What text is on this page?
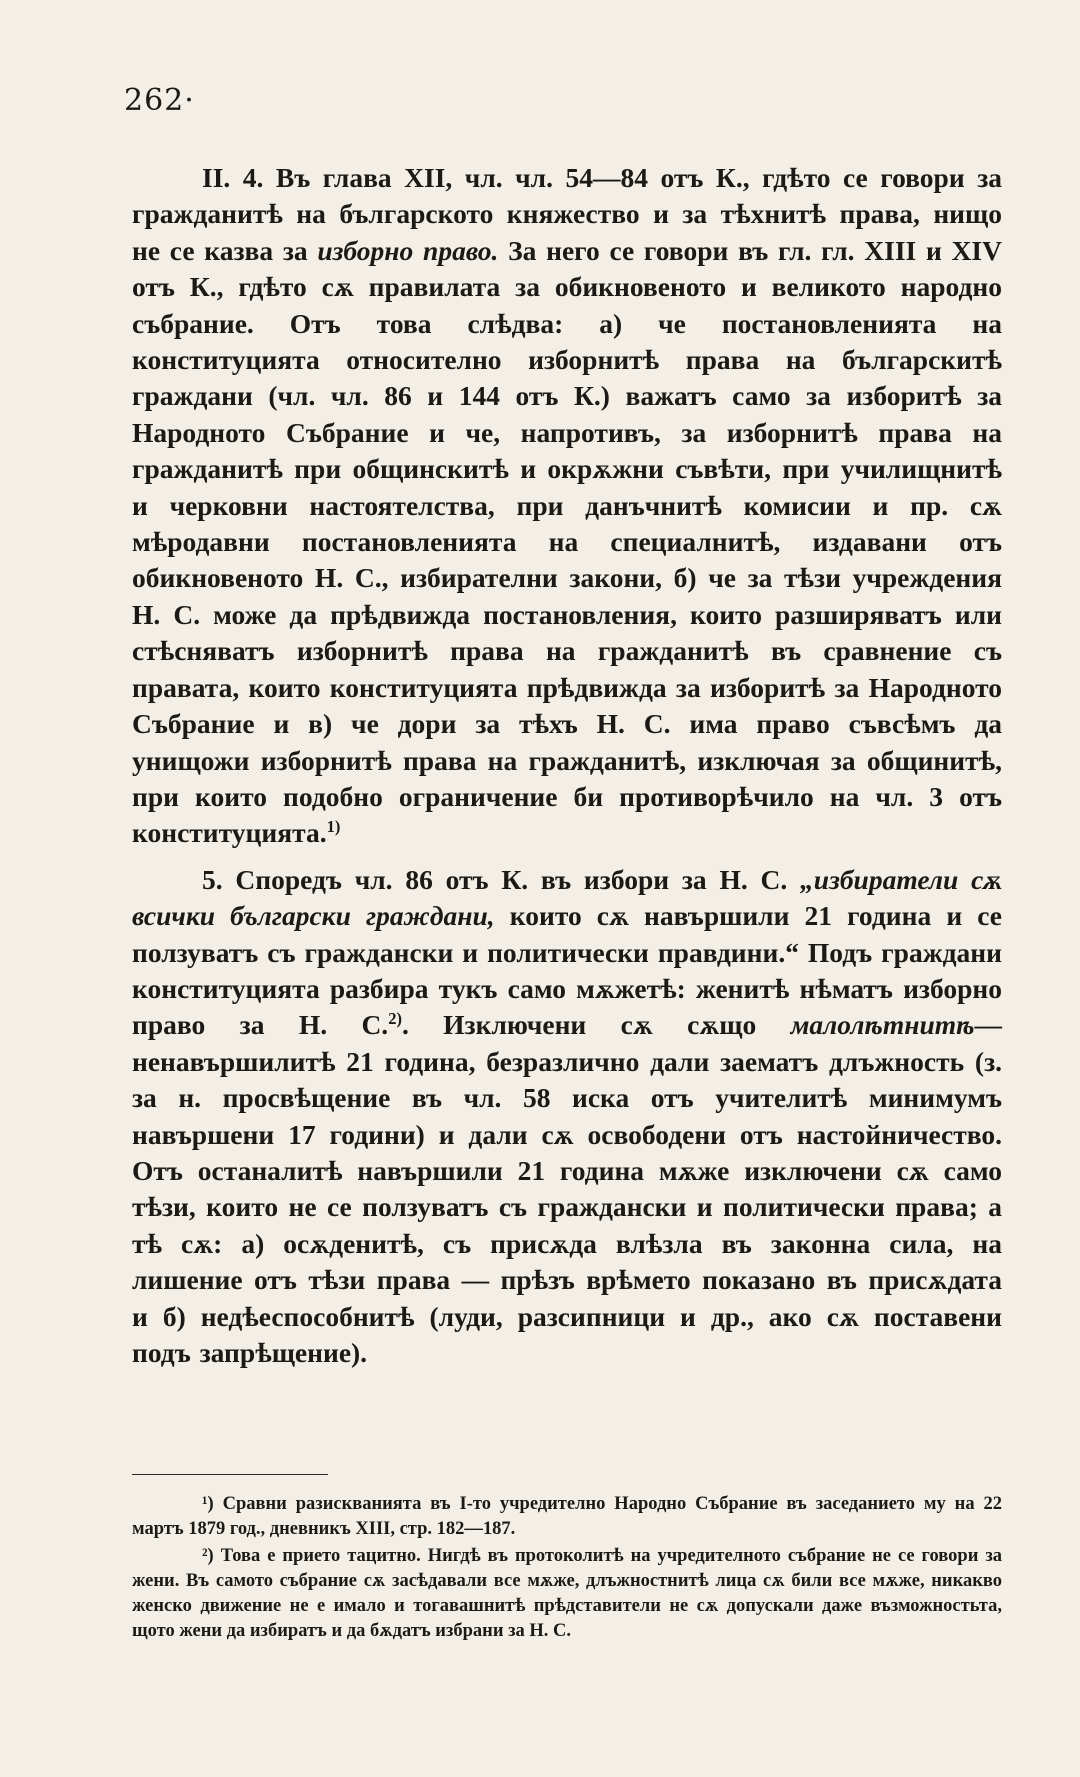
262·

II. 4. Въ глава XII, чл. чл. 54—84 отъ К., гдѣто се говори за гражданитѣ на българското княжество и за тѣхнитѣ права, нищо не се казва за изборно право. За него се говори въ гл. гл. XIII и XIV отъ К., гдѣто сѫ правилата за обикновеното и великото народно събрание. Отъ това слѣдва: а) че постановленията на конституцията относително изборнитѣ права на българскитѣ граждани (чл. чл. 86 и 144 отъ К.) важатъ само за изборитѣ за Народното Събрание и че, напротивъ, за изборнитѣ права на гражданитѣ при общинскитѣ и окрѫжни съвѣти, при училищнитѣ и черковни настоятелства, при данъчнитѣ комисии и пр. сѫ мѣродавни постановленията на специалнитѣ, издавани отъ обикновеното Н. С., избирателни закони, б) че за тѣзи учреждения Н. С. може да прѣдвижда постановления, които разширяватъ или стѣсняватъ изборнитѣ права на гражданитѣ въ сравнение съ правата, които конституцията прѣдвижда за изборитѣ за Народното Събрание и в) че дори за тѣхъ Н. С. има право съвсѣмъ да унищожи изборнитѣ права на гражданитѣ, изключая за общинитѣ, при които подобно ограничение би противорѣчило на чл. 3 отъ конституцията.$^{1)}$

5. Споредъ чл. 86 отъ К. въ избори за Н. С. „избиратели сѫ всички български граждани, които сѫ навършили 21 година и се ползуватъ съ граждански и политически правдини.“ Подъ граждани конституцията разбира тукъ само мѫжетѣ: женитѣ нѣматъ изборно право за Н. С.$^{2)}$. Изключени сѫ сѫщо малолѣтнитѣ—ненавършилитѣ 21 година, безразлично дали заематъ длъжность (з. за н. просвѣщение въ чл. 58 иска отъ учителитѣ минимумъ навършени 17 години) и дали сѫ освободени отъ настойничество. Отъ останалитѣ навършили 21 година мѫже изключени сѫ само тѣзи, които не се ползуватъ съ граждански и политически права; а тѣ сѫ: а) осѫденитѣ, съ присѫда влѣзла въ законна сила, на лишение отъ тѣзи права — прѣзъ врѣмето показано въ присѫдата и б) недѣеспособнитѣ (луди, разсипници и др., ако сѫ поставени подъ запрѣщение).

¹) Сравни разискванията въ I-то учредително Народно Събрание въ заседанието му на 22 мартъ 1879 год., дневникъ XIII, стр. 182—187.

²) Това е прието тацитно. Нигдѣ въ протоколитѣ на учредителното събрание не се говори за жени. Въ самото събрание сѫ засѣдавали все мѫже, длъжностнитѣ лица сѫ били все мѫже, никакво женско движение не е имало и тогавашнитѣ прѣдставители не сѫ допускали даже възможностьта, щото жени да избиратъ и да бѫдатъ избрани за Н. С.
